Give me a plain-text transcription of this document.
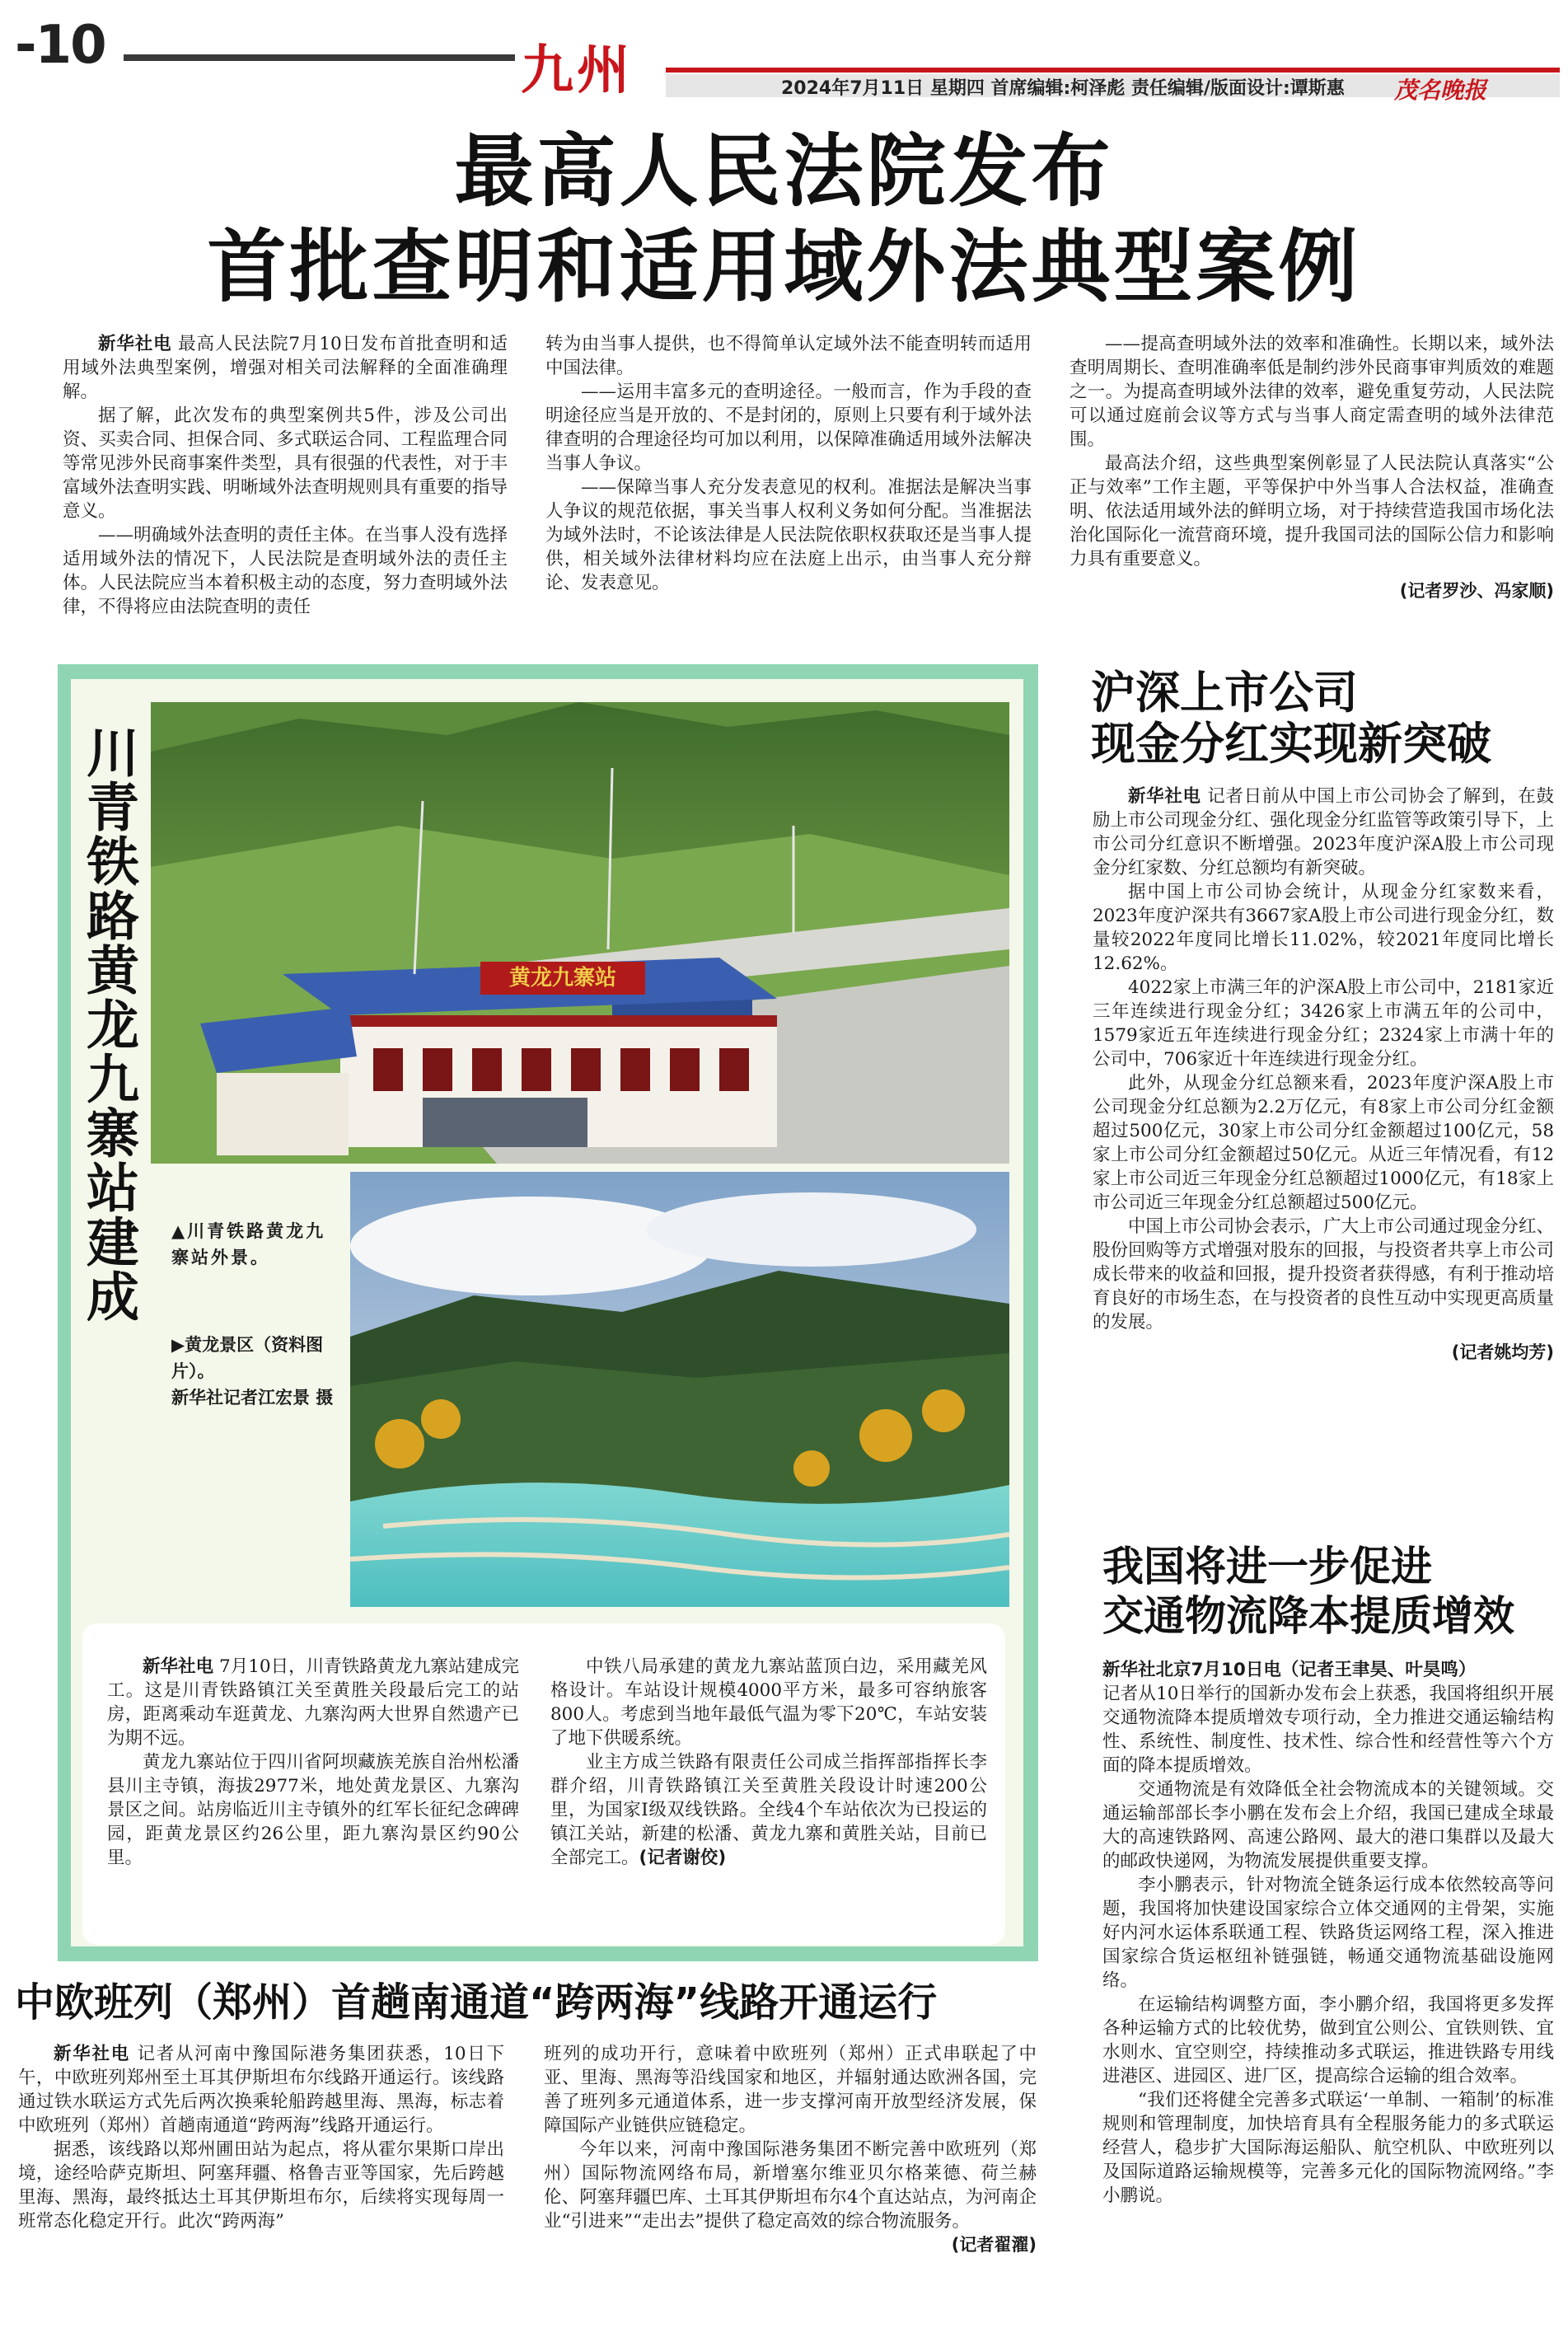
-10	九州	2024年7月11日 星期四 首席编辑:柯泽彪 责任编辑/版面设计:谭斯惠 茂名晚报
最高人民法院发布
首批查明和适用域外法典型案例

新华社电 最高人民法院7月10日发布首批查明和适用域外法典型案例，增强对相关司法解释的全面准确理解。

据了解，此次发布的典型案例共5件，涉及公司出资、买卖合同、担保合同、多式联运合同、工程监理合同等常见涉外民商事案件类型，具有很强的代表性，对于丰富域外法查明实践、明晰域外法查明规则具有重要的指导意义。

——明确域外法查明的责任主体。在当事人没有选择适用域外法的情况下，人民法院是查明域外法的责任主体。人民法院应当本着积极主动的态度，努力查明域外法律，不得将应由法院查明的责任

转为由当事人提供，也不得简单认定域外法不能查明转而适用中国法律。

——运用丰富多元的查明途径。一般而言，作为手段的查明途径应当是开放的、不是封闭的，原则上只要有利于域外法律查明的合理途径均可加以利用，以保障准确适用域外法解决当事人争议。

——保障当事人充分发表意见的权利。准据法是解决当事人争议的规范依据，事关当事人权利义务如何分配。当准据法为域外法时，不论该法律是人民法院依职权获取还是当事人提供，相关域外法律材料均应在法庭上出示，由当事人充分辩论、发表意见。

——提高查明域外法的效率和准确性。长期以来，域外法查明周期长、查明准确率低是制约涉外民商事审判质效的难题之一。为提高查明域外法律的效率，避免重复劳动，人民法院可以通过庭前会议等方式与当事人商定需查明的域外法律范围。

最高法介绍，这些典型案例彰显了人民法院认真落实“公正与效率”工作主题，平等保护中外当事人合法权益，准确查明、依法适用域外法的鲜明立场，对于持续营造我国市场化法治化国际化一流营商环境，提升我国司法的国际公信力和影响力具有重要意义。

(记者罗沙、冯家顺)
川青铁路黄龙九寨站建成	黄龙九寨站
▲川青铁路黄龙九寨站外景。
▶黄龙景区（资料图片）。
新华社记者江宏景 摄

新华社电 7月10日，川青铁路黄龙九寨站建成完工。这是川青铁路镇江关至黄胜关段最后完工的站房，距离乘动车逛黄龙、九寨沟两大世界自然遗产已为期不远。

黄龙九寨站位于四川省阿坝藏族羌族自治州松潘县川主寺镇，海拔2977米，地处黄龙景区、九寨沟景区之间。站房临近川主寺镇外的红军长征纪念碑碑园，距黄龙景区约26公里，距九寨沟景区约90公里。

中铁八局承建的黄龙九寨站蓝顶白边，采用藏羌风格设计。车站设计规模4000平方米，最多可容纳旅客800人。考虑到当地年最低气温为零下20℃，车站安装了地下供暖系统。

业主方成兰铁路有限责任公司成兰指挥部指挥长李群介绍，川青铁路镇江关至黄胜关段设计时速200公里，为国家Ⅰ级双线铁路。全线4个车站依次为已投运的镇江关站，新建的松潘、黄龙九寨和黄胜关站，目前已全部完工。(记者谢佼)

沪深上市公司
现金分红实现新突破

新华社电 记者日前从中国上市公司协会了解到，在鼓励上市公司现金分红、强化现金分红监管等政策引导下，上市公司分红意识不断增强。2023年度沪深A股上市公司现金分红家数、分红总额均有新突破。

据中国上市公司协会统计，从现金分红家数来看，2023年度沪深共有3667家A股上市公司进行现金分红，数量较2022年度同比增长11.02%，较2021年度同比增长12.62%。

4022家上市满三年的沪深A股上市公司中，2181家近三年连续进行现金分红；3426家上市满五年的公司中，1579家近五年连续进行现金分红；2324家上市满十年的公司中，706家近十年连续进行现金分红。

此外，从现金分红总额来看，2023年度沪深A股上市公司现金分红总额为2.2万亿元，有8家上市公司分红金额超过500亿元，30家上市公司分红金额超过100亿元，58家上市公司分红金额超过50亿元。从近三年情况看，有12家上市公司近三年现金分红总额超过1000亿元，有18家上市公司近三年现金分红总额超过500亿元。

中国上市公司协会表示，广大上市公司通过现金分红、股份回购等方式增强对股东的回报，与投资者共享上市公司成长带来的收益和回报，提升投资者获得感，有利于推动培育良好的市场生态，在与投资者的良性互动中实现更高质量的发展。

(记者姚均芳)
我国将进一步促进
交通物流降本提质增效

新华社北京7月10日电（记者王聿昊、叶昊鸣）

记者从10日举行的国新办发布会上获悉，我国将组织开展交通物流降本提质增效专项行动，全力推进交通运输结构性、系统性、制度性、技术性、综合性和经营性等六个方面的降本提质增效。

交通物流是有效降低全社会物流成本的关键领域。交通运输部部长李小鹏在发布会上介绍，我国已建成全球最大的高速铁路网、高速公路网、最大的港口集群以及最大的邮政快递网，为物流发展提供重要支撑。

李小鹏表示，针对物流全链条运行成本依然较高等问题，我国将加快建设国家综合立体交通网的主骨架，实施好内河水运体系联通工程、铁路货运网络工程，深入推进国家综合货运枢纽补链强链，畅通交通物流基础设施网络。

在运输结构调整方面，李小鹏介绍，我国将更多发挥各种运输方式的比较优势，做到宜公则公、宜铁则铁、宜水则水、宜空则空，持续推动多式联运，推进铁路专用线进港区、进园区、进厂区，提高综合运输的组合效率。

“我们还将健全完善多式联运‘一单制、一箱制’的标准规则和管理制度，加快培育具有全程服务能力的多式联运经营人，稳步扩大国际海运船队、航空机队、中欧班列以及国际道路运输规模等，完善多元化的国际物流网络。”李小鹏说。

中欧班列（郑州）首趟南通道“跨两海”线路开通运行

新华社电 记者从河南中豫国际港务集团获悉，10日下午，中欧班列郑州至土耳其伊斯坦布尔线路开通运行。该线路通过铁水联运方式先后两次换乘轮船跨越里海、黑海，标志着中欧班列（郑州）首趟南通道“跨两海”线路开通运行。

据悉，该线路以郑州圃田站为起点，将从霍尔果斯口岸出境，途经哈萨克斯坦、阿塞拜疆、格鲁吉亚等国家，先后跨越里海、黑海，最终抵达土耳其伊斯坦布尔，后续将实现每周一班常态化稳定开行。此次“跨两海”

班列的成功开行，意味着中欧班列（郑州）正式串联起了中亚、里海、黑海等沿线国家和地区，并辐射通达欧洲各国，完善了班列多元通道体系，进一步支撑河南开放型经济发展，保障国际产业链供应链稳定。

今年以来，河南中豫国际港务集团不断完善中欧班列（郑州）国际物流网络布局，新增塞尔维亚贝尔格莱德、荷兰赫伦、阿塞拜疆巴库、土耳其伊斯坦布尔4个直达站点，为河南企业“引进来”“走出去”提供了稳定高效的综合物流服务。

(记者翟濯)
